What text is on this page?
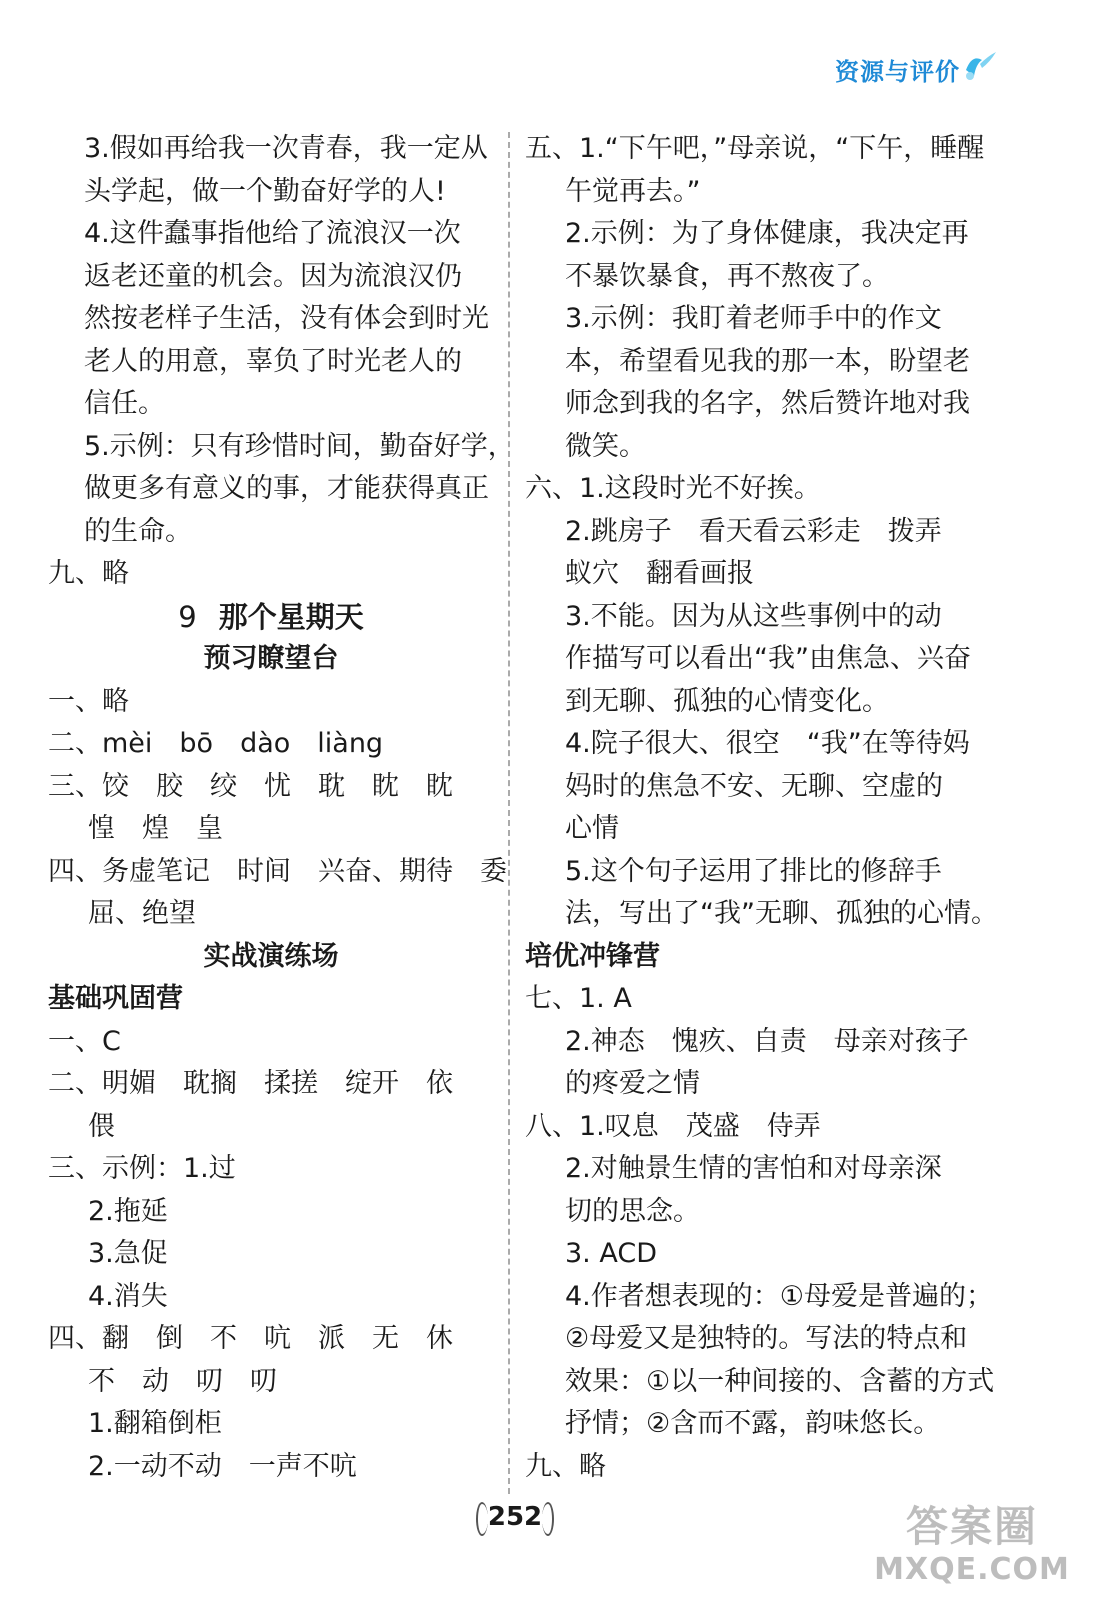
资源与评价
3.假如再给我一次青春，我一定从
头学起，做一个勤奋好学的人!
4.这件蠢事指他给了流浪汉一次
返老还童的机会。因为流浪汉仍
然按老样子生活，没有体会到时光
老人的用意，辜负了时光老人的
信任。
5.示例：只有珍惜时间，勤奋好学，
做更多有意义的事，才能获得真正
的生命。
九、略
9 那个星期天
预习瞭望台
一、略
二、mèi　bō　dào　liàng
三、饺　胶　绞　忧　耽　眈　眈
惶　煌　皇
四、务虚笔记　时间　兴奋、期待　委
屈、绝望
实战演练场
基础巩固营
一、C
二、明媚　耽搁　揉搓　绽开　依
偎
三、示例：1.过
2.拖延
3.急促
4.消失
四、翻　倒　不　吭　派　无　休
不　动　叨　叨
1.翻箱倒柜
2.一动不动　一声不吭
五、1.“下午吧，”母亲说，“下午，睡醒
午觉再去。”
2.示例：为了身体健康，我决定再
不暴饮暴食，再不熬夜了。
3.示例：我盯着老师手中的作文
本，希望看见我的那一本，盼望老
师念到我的名字，然后赞许地对我
微笑。
六、1.这段时光不好挨。
2.跳房子　看天看云彩走　拨弄
蚁穴　翻看画报
3.不能。因为从这些事例中的动
作描写可以看出“我”由焦急、兴奋
到无聊、孤独的心情变化。
4.院子很大、很空　“我”在等待妈
妈时的焦急不安、无聊、空虚的
心情
5.这个句子运用了排比的修辞手
法，写出了“我”无聊、孤独的心情。
培优冲锋营
七、1. A
2.神态　愧疚、自责　母亲对孩子
的疼爱之情
八、1.叹息　茂盛　侍弄
2.对触景生情的害怕和对母亲深
切的思念。
3. ACD
4.作者想表现的：①母爱是普遍的；
②母爱又是独特的。写法的特点和
效果：①以一种间接的、含蓄的方式
抒情；②含而不露，韵味悠长。
九、略
252	答案圈
MXQE.COM
